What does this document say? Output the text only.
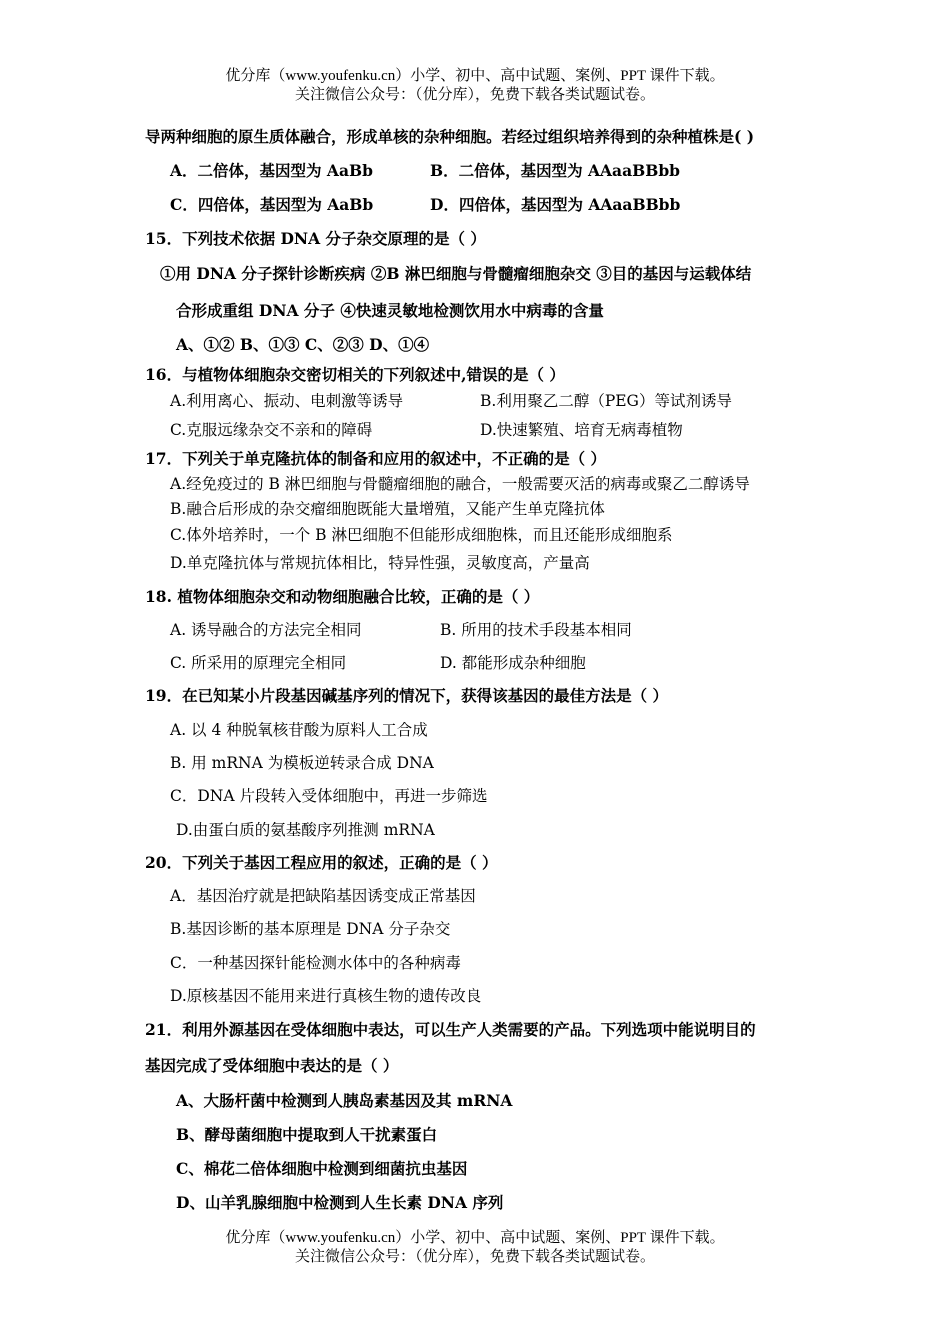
优分库（www.youfenku.cn）小学、初中、高中试题、案例、PPT 课件下载。
关注微信公众号：（优分库），免费下载各类试题试卷。
导两种细胞的原生质体融合，形成单核的杂种细胞。若经过组织培养得到的杂种植株是( )
A．二倍体，基因型为 AaBb	B．二倍体，基因型为 AAaaBBbb
C．四倍体，基因型为 AaBb	D．四倍体，基因型为 AAaaBBbb
15．下列技术依据 DNA 分子杂交原理的是（ ）
①用 DNA 分子探针诊断疾病 ②B 淋巴细胞与骨髓瘤细胞杂交 ③目的基因与运载体结
合形成重组 DNA 分子 ④快速灵敏地检测饮用水中病毒的含量
A、①② B、①③ C、②③ D、①④
16．与植物体细胞杂交密切相关的下列叙述中,错误的是（ ）
A.利用离心、振动、电刺激等诱导	B.利用聚乙二醇（PEG）等试剂诱导
C.克服远缘杂交不亲和的障碍	D.快速繁殖、培育无病毒植物
17．下列关于单克隆抗体的制备和应用的叙述中，不正确的是（ ）
A.经免疫过的 B 淋巴细胞与骨髓瘤细胞的融合，一般需要灭活的病毒或聚乙二醇诱导
B.融合后形成的杂交瘤细胞既能大量增殖，又能产生单克隆抗体
C.体外培养时，一个 B 淋巴细胞不但能形成细胞株，而且还能形成细胞系
D.单克隆抗体与常规抗体相比，特异性强，灵敏度高，产量高
18. 植物体细胞杂交和动物细胞融合比较，正确的是（ ）
A. 诱导融合的方法完全相同	B. 所用的技术手段基本相同
C. 所采用的原理完全相同	D. 都能形成杂种细胞
19．在已知某小片段基因碱基序列的情况下，获得该基因的最佳方法是（ ）
A. 以 4 种脱氧核苷酸为原料人工合成
B. 用 mRNA 为模板逆转录合成 DNA
C．DNA 片段转入受体细胞中，再进一步筛选
D.由蛋白质的氨基酸序列推测 mRNA
20．下列关于基因工程应用的叙述，正确的是（ ）
A．基因治疗就是把缺陷基因诱变成正常基因
B.基因诊断的基本原理是 DNA 分子杂交
C．一种基因探针能检测水体中的各种病毒
D.原核基因不能用来进行真核生物的遗传改良
21．利用外源基因在受体细胞中表达，可以生产人类需要的产品。下列选项中能说明目的
基因完成了受体细胞中表达的是（ ）
A、大肠杆菌中检测到人胰岛素基因及其 mRNA
B、酵母菌细胞中提取到人干扰素蛋白
C、棉花二倍体细胞中检测到细菌抗虫基因
D、山羊乳腺细胞中检测到人生长素 DNA 序列
优分库（www.youfenku.cn）小学、初中、高中试题、案例、PPT 课件下载。
关注微信公众号：（优分库），免费下载各类试题试卷。
